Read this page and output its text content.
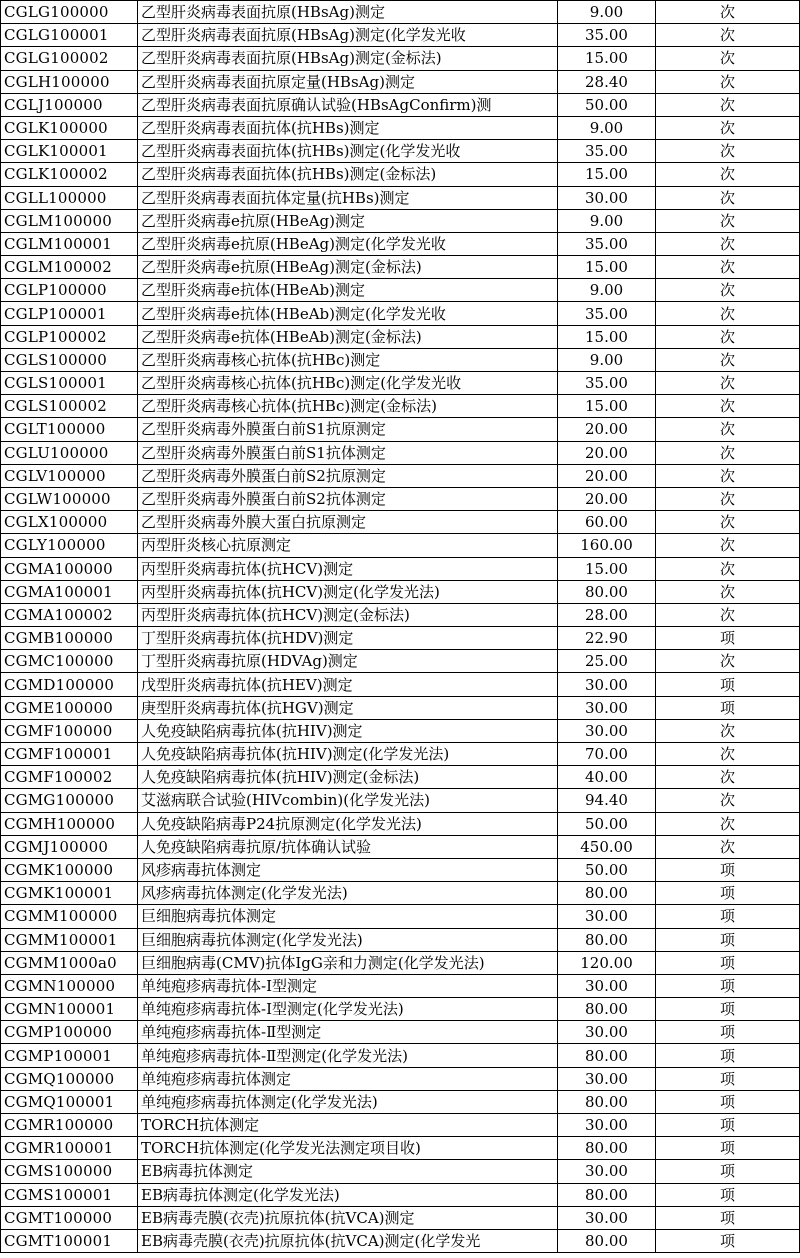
CGLG100000	乙型肝炎病毒表面抗原(HBsAg)测定	9.00	次
CGLG100001	乙型肝炎病毒表面抗原(HBsAg)测定(化学发光收	35.00	次
CGLG100002	乙型肝炎病毒表面抗原(HBsAg)测定(金标法)	15.00	次
CGLH100000	乙型肝炎病毒表面抗原定量(HBsAg)测定	28.40	次
CGLJ100000	乙型肝炎病毒表面抗原确认试验(HBsAgConfirm)测	50.00	次
CGLK100000	乙型肝炎病毒表面抗体(抗HBs)测定	9.00	次
CGLK100001	乙型肝炎病毒表面抗体(抗HBs)测定(化学发光收	35.00	次
CGLK100002	乙型肝炎病毒表面抗体(抗HBs)测定(金标法)	15.00	次
CGLL100000	乙型肝炎病毒表面抗体定量(抗HBs)测定	30.00	次
CGLM100000	乙型肝炎病毒e抗原(HBeAg)测定	9.00	次
CGLM100001	乙型肝炎病毒e抗原(HBeAg)测定(化学发光收	35.00	次
CGLM100002	乙型肝炎病毒e抗原(HBeAg)测定(金标法)	15.00	次
CGLP100000	乙型肝炎病毒e抗体(HBeAb)测定	9.00	次
CGLP100001	乙型肝炎病毒e抗体(HBeAb)测定(化学发光收	35.00	次
CGLP100002	乙型肝炎病毒e抗体(HBeAb)测定(金标法)	15.00	次
CGLS100000	乙型肝炎病毒核心抗体(抗HBc)测定	9.00	次
CGLS100001	乙型肝炎病毒核心抗体(抗HBc)测定(化学发光收	35.00	次
CGLS100002	乙型肝炎病毒核心抗体(抗HBc)测定(金标法)	15.00	次
CGLT100000	乙型肝炎病毒外膜蛋白前S1抗原测定	20.00	次
CGLU100000	乙型肝炎病毒外膜蛋白前S1抗体测定	20.00	次
CGLV100000	乙型肝炎病毒外膜蛋白前S2抗原测定	20.00	次
CGLW100000	乙型肝炎病毒外膜蛋白前S2抗体测定	20.00	次
CGLX100000	乙型肝炎病毒外膜大蛋白抗原测定	60.00	次
CGLY100000	丙型肝炎核心抗原测定	160.00	次
CGMA100000	丙型肝炎病毒抗体(抗HCV)测定	15.00	次
CGMA100001	丙型肝炎病毒抗体(抗HCV)测定(化学发光法)	80.00	次
CGMA100002	丙型肝炎病毒抗体(抗HCV)测定(金标法)	28.00	次
CGMB100000	丁型肝炎病毒抗体(抗HDV)测定	22.90	项
CGMC100000	丁型肝炎病毒抗原(HDVAg)测定	25.00	次
CGMD100000	戊型肝炎病毒抗体(抗HEV)测定	30.00	项
CGME100000	庚型肝炎病毒抗体(抗HGV)测定	30.00	项
CGMF100000	人免疫缺陷病毒抗体(抗HIV)测定	30.00	次
CGMF100001	人免疫缺陷病毒抗体(抗HIV)测定(化学发光法)	70.00	次
CGMF100002	人免疫缺陷病毒抗体(抗HIV)测定(金标法)	40.00	次
CGMG100000	艾滋病联合试验(HIVcombin)(化学发光法)	94.40	次
CGMH100000	人免疫缺陷病毒P24抗原测定(化学发光法)	50.00	次
CGMJ100000	人免疫缺陷病毒抗原/抗体确认试验	450.00	次
CGMK100000	风疹病毒抗体测定	50.00	项
CGMK100001	风疹病毒抗体测定(化学发光法)	80.00	项
CGMM100000	巨细胞病毒抗体测定	30.00	项
CGMM100001	巨细胞病毒抗体测定(化学发光法)	80.00	项
CGMM1000a0	巨细胞病毒(CMV)抗体IgG亲和力测定(化学发光法)	120.00	项
CGMN100000	单纯疱疹病毒抗体-Ⅰ型测定	30.00	项
CGMN100001	单纯疱疹病毒抗体-Ⅰ型测定(化学发光法)	80.00	项
CGMP100000	单纯疱疹病毒抗体-Ⅱ型测定	30.00	项
CGMP100001	单纯疱疹病毒抗体-Ⅱ型测定(化学发光法)	80.00	项
CGMQ100000	单纯疱疹病毒抗体测定	30.00	项
CGMQ100001	单纯疱疹病毒抗体测定(化学发光法)	80.00	项
CGMR100000	TORCH抗体测定	30.00	项
CGMR100001	TORCH抗体测定(化学发光法测定项目收)	80.00	项
CGMS100000	EB病毒抗体测定	30.00	项
CGMS100001	EB病毒抗体测定(化学发光法)	80.00	项
CGMT100000	EB病毒壳膜(衣壳)抗原抗体(抗VCA)测定	30.00	项
CGMT100001	EB病毒壳膜(衣壳)抗原抗体(抗VCA)测定(化学发光	80.00	项
